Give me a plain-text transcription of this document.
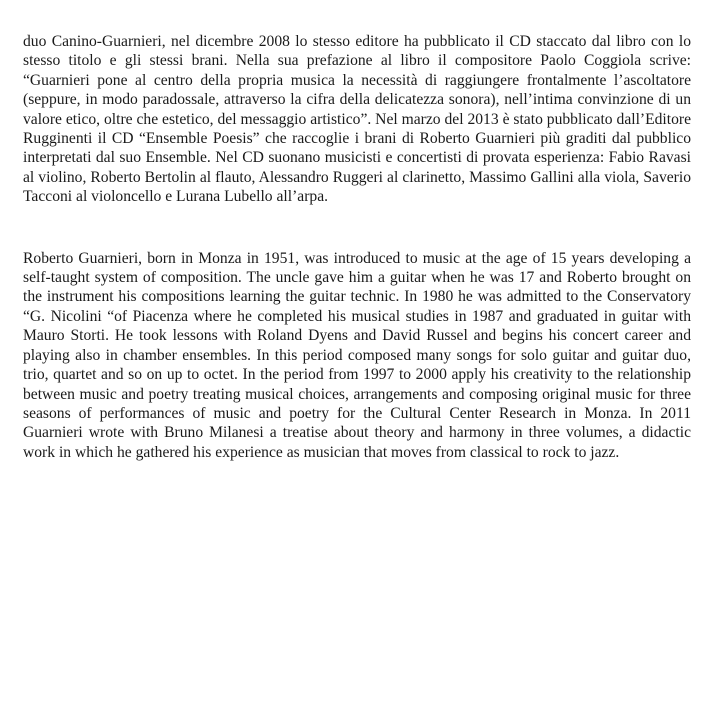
duo Canino-Guarnieri, nel dicembre 2008 lo stesso editore ha pubblicato il CD staccato dal libro con lo stesso titolo e gli stessi brani. Nella sua prefazione al libro il compositore Paolo Coggiola scrive: “Guarnieri pone al centro della propria musica la necessità di raggiungere frontalmente l’ascoltatore (seppure, in modo paradossale, attraverso la cifra della delicatezza sonora), nell’intima convinzione di un valore etico, oltre che estetico, del messaggio artistico”. Nel marzo del 2013 è stato pubblicato dall’Editore Rugginenti il CD “Ensemble Poesis” che raccoglie i brani di Roberto Guarnieri più graditi dal pubblico interpretati dal suo Ensemble. Nel CD suonano musicisti e concertisti di provata esperienza: Fabio Ravasi al violino, Roberto Bertolin al flauto, Alessandro Ruggeri al clarinetto, Massimo Gallini alla viola, Saverio Tacconi al violoncello e Lurana Lubello all’arpa.

Roberto Guarnieri, born in Monza in 1951, was introduced to music at the age of 15 years developing a self-taught system of composition. The uncle gave him a guitar when he was 17 and Roberto brought on the instrument his compositions learning the guitar technic. In 1980 he was admitted to the Conservatory “G. Nicolini “of Piacenza where he completed his musical studies in 1987 and graduated in guitar with Mauro Storti. He took lessons with Roland Dyens and David Russel and begins his concert career and playing also in chamber ensembles. In this period composed many songs for solo guitar and guitar duo, trio, quartet and so on up to octet. In the period from 1997 to 2000 apply his creativity to the relationship between music and poetry treating musical choices, arrangements and composing original music for three seasons of performances of music and poetry for the Cultural Center Research in Monza. In 2011 Guarnieri wrote with Bruno Milanesi a treatise about theory and harmony in three volumes, a didactic work in which he gathered his experience as musician that moves from classical to rock to jazz.
